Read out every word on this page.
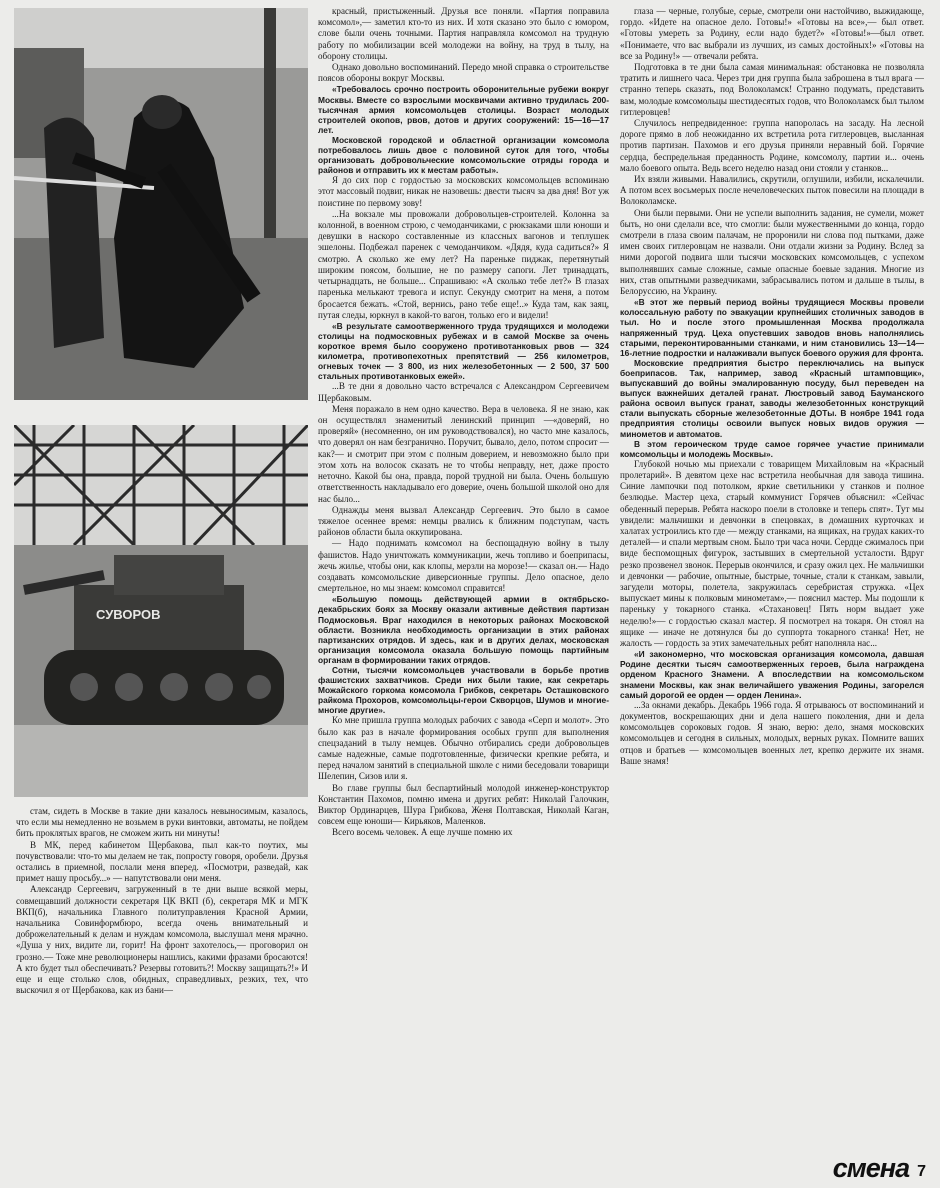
СУВОРОВ

стам, сидеть в Москве в такие дни казалось невыносимым, казалось, что если мы немедленно не возьмем в руки винтовки, автоматы, не пойдем бить проклятых врагов, не сможем жить ни минуты!

В МК, перед кабинетом Щербакова, пыл как-то поутих, мы почувствовали: что-то мы делаем не так, попросту говоря, оробели. Друзья остались в приемной, послали меня вперед. «Посмотри, разведай, как примет нашу просьбу...» — напутствовали они меня.

Александр Сергеевич, загруженный в те дни выше всякой меры, совмещавший должности секретаря ЦК ВКП (б), секретаря МК и МГК ВКП(б), начальника Главного политуправления Красной Армии, начальника Совинформбюро, всегда очень внимательный и доброжелательный к делам и нуждам комсомола, выслушал меня мрачно. «Душа у них, видите ли, горит! На фронт захотелось,— проговорил он грозно.— Тоже мне революционеры нашлись, какими фразами бросаются! А кто будет тыл обеспечивать? Резервы готовить?! Москву защищать?!» И еще и еще столько слов, обидных, справедливых, резких, тех, что выскочил я от Щербакова, как из бани—

красный, пристыженный. Друзья все поняли. «Партия поправила комсомол»,— заметил кто-то из них. И хотя сказано это было с юмором, слове были очень точными. Партия направляла комсомол на трудную работу по мобилизации всей молодежи на войну, на труд в тылу, на оборону столицы.

Однако довольно воспоминаний. Передо мной справка о строительстве поясов обороны вокруг Москвы.

«Требовалось срочно построить оборонительные рубежи вокруг Москвы. Вместе со взрослыми москвичами активно трудилась 200-тысячная армия комсомольцев столицы. Возраст молодых строителей окопов, рвов, дотов и других сооружений: 15—16—17 лет.

Московской городской и областной организации комсомола потребовалось лишь двое с половиной суток для того, чтобы организовать добровольческие комсомольские отряды города и районов и отправить их к местам работы».

Я до сих пор с гордостью за московских комсомольцев вспоминаю этот массовый подвиг, никак не назовешь: двести тысяч за два дня! Вот уж поистине по первому зову!

...На вокзале мы провожали добровольцев-строителей. Колонна за колонной, в военном строю, с чемоданчиками, с рюкзаками шли юноши и девушки в наскоро составленные из классных вагонов и теплушек эшелоны. Подбежал паренек с чемоданчиком. «Дядя, куда садиться?» Я смотрю. А сколько же ему лет? На пареньке пиджак, перетянутый широким поясом, большие, не по размеру сапоги. Лет тринадцать, четырнадцать, не больше... Спрашиваю: «А сколько тебе лет?» В глазах паренька мелькают тревога и испуг. Секунду смотрит на меня, а потом бросается бежать. «Стой, вернись, рано тебе еще!..» Куда там, как заяц, путая следы, юркнул в какой-то вагон, только его и видели!

«В результате самоотверженного труда трудящихся и молодежи столицы на подмосковных рубежах и в самой Москве за очень короткое время было сооружено противотанковых рвов — 324 километра, противопехотных препятствий — 256 километров, огневых точек — 3 800, из них железобетонных — 2 500, 37 500 стальных противотанковых ежей».

...В те дни я довольно часто встречался с Александром Сергеевичем Щербаковым.

Меня поражало в нем одно качество. Вера в человека. Я не знаю, как он осуществлял знаменитый ленинский принцип —«доверяй, но проверяй» (несомненно, он им руководствовался), но часто мне казалось, что доверял он нам безгранично. Поручит, бывало, дело, потом спросит — как?— и смотрит при этом с полным доверием, и невозможно было при этом хоть на волосок сказать не то чтобы неправду, нет, даже просто неточно. Какой бы она, правда, порой трудной ни была. Очень большую ответственность накладывало его доверие, очень большой школой оно для нас было...

Однажды меня вызвал Александр Сергеевич. Это было в самое тяжелое осеннее время: немцы рвались к ближним подступам, часть районов области была оккупирована.

— Надо поднимать комсомол на беспощадную войну в тылу фашистов. Надо уничтожать коммуникации, жечь топливо и боеприпасы, жечь жилье, чтобы они, как клопы, мерзли на морозе!— сказал он.— Надо создавать комсомольские диверсионные группы. Дело опасное, дело смертельное, но мы знаем: комсомол справится!

«Большую помощь действующей армии в октябрьско-декабрьских боях за Москву оказали активные действия партизан Подмосковья. Враг находился в некоторых районах Московской области. Возникла необходимость организации в этих районах партизанских отрядов. И здесь, как и в других делах, московская организация комсомола оказала большую помощь партийным органам в формировании таких отрядов.

Сотни, тысячи комсомольцев участвовали в борьбе против фашистских захватчиков. Среди них были такие, как секретарь Можайского горкома комсомола Грибков, секретарь Осташковского райкома Прохоров, комсомольцы-герои Скворцов, Шумов и многие-многие другие».

Ко мне пришла группа молодых рабочих с завода «Серп и молот». Это было как раз в начале формирования особых групп для выполнения спецзаданий в тылу немцев. Обычно отбирались среди добровольцев самые надежные, самые подготовленные, физически крепкие ребята, и перед началом занятий в специальной школе с ними беседовали товарищи Шелепин, Сизов или я.

Во главе группы был беспартийный молодой инженер-конструктор Константин Пахомов, помню имена и других ребят: Николай Галочкин, Виктор Ординарцев, Шура Грибкова, Женя Полтавская, Николай Каган, совсем еще юноши— Кирьяков, Маленков.

Всего восемь человек. А еще лучше помню их

глаза — черные, голубые, серые, смотрели они настойчиво, выжидающе, гордо. «Идете на опасное дело. Готовы!» «Готовы на все»,— был ответ. «Готовы умереть за Родину, если надо будет?» «Готовы!»—был ответ. «Понимаете, что вас выбрали из лучших, из самых достойных!» «Готовы на все за Родину!» — отвечали ребята.

Подготовка в те дни была самая минимальная: обстановка не позволяла тратить и лишнего часа. Через три дня группа была заброшена в тыл врага — странно теперь сказать, под Волоколамск! Странно подумать, представить вам, молодые комсомольцы шестидесятых годов, что Волоколамск был тылом гитлеровцев!

Случилось непредвиденное: группа напоролась на засаду. На лесной дороге прямо в лоб неожиданно их встретила рота гитлеровцев, высланная против партизан. Пахомов и его друзья приняли неравный бой. Горячие сердца, беспредельная преданность Родине, комсомолу, партии и... очень мало боевого опыта. Ведь всего неделю назад они стояли у станков...

Их взяли живыми. Навалились, скрутили, оглушили, избили, искалечили. А потом всех восьмерых после нечеловеческих пыток повесили на площади в Волоколамске.

Они были первыми. Они не успели выполнить задания, не сумели, может быть, но они сделали все, что смогли: были мужественными до конца, гордо смотрели в глаза своим палачам, не проронили ни слова под пытками, даже имен своих гитлеровцам не назвали. Они отдали жизни за Родину. Вслед за ними дорогой подвига шли тысячи московских комсомольцев, с успехом выполнявших самые сложные, самые опасные боевые задания. Многие из них, став опытными разведчиками, забрасывались потом и дальше в тылы, в Белоруссию, на Украину.

«В этот же первый период войны трудящиеся Москвы провели колоссальную работу по эвакуации крупнейших столичных заводов в тыл. Но и после этого промышленная Москва продолжала напряженный труд. Цеха опустевших заводов вновь наполнялись старыми, переконтированными станками, и ним становились 13—14—16-летние подростки и налаживали выпуск боевого оружия для фронта.

Московские предприятия быстро переключались на выпуск боеприпасов. Так, например, завод «Красный штамповщик», выпускавший до войны эмалированную посуду, был переведен на выпуск важнейших деталей гранат. Люстровый завод Бауманского района освоил выпуск гранат, заводы железобетонных конструкций стали выпускать сборные железобетонные ДОТы. В ноябре 1941 года предприятия столицы освоили выпуск новых видов оружия — минометов и автоматов.

В этом героическом труде самое горячее участие принимали комсомольцы и молодежь Москвы».

Глубокой ночью мы приехали с товарищем Михайловым на «Красный пролетарий». В девятом цехе нас встретила необычная для завода тишина. Синие лампочки под потолком, яркие светильники у станков и полное безлюдье. Мастер цеха, старый коммунист Горячев объяснил: «Сейчас обеденный перерыв. Ребята наскоро поели в столовке и теперь спят». Тут мы увидели: мальчишки и девчонки в спецовках, в домашних курточках и халатах устроились кто где — между станками, на ящиках, на грудах каких-то деталей— и спали мертвым сном. Было три часа ночи. Сердце сжималось при виде беспомощных фигурок, застывших в смертельной усталости. Вдруг резко прозвенел звонок. Перерыв окончился, и сразу ожил цех. Не мальчишки и девчонки — рабочие, опытные, быстрые, точные, стали к станкам, завыли, загудели моторы, полетела, закружилась серебристая стружка. «Цех выпускает мины к полковым минометам»,— пояснил мастер. Мы подошли к пареньку у токарного станка. «Стахановец! Пять норм выдает уже неделю!»— с гордостью сказал мастер. Я посмотрел на токаря. Он стоял на ящике — иначе не дотянулся бы до суппорта токарного станка! Нет, не жалость — гордость за этих замечательных ребят наполняла нас...

«И закономерно, что московская организация комсомола, давшая Родине десятки тысяч самоотверженных героев, была награждена орденом Красного Знамени. А впоследствии на комсомольском знамени Москвы, как знак величайшего уважения Родины, загорелся самый дорогой ее орден — орден Ленина».

...За окнами декабрь. Декабрь 1966 года. Я отрываюсь от воспоминаний и документов, воскрешающих дни и дела нашего поколения, дни и дела комсомольцев сороковых годов. Я знаю, верю: дело, знамя московских комсомольцев и сегодня в сильных, молодых, верных руках. Помните ваших отцов и братьев — комсомольцев военных лет, крепко держите их знамя. Ваше знамя!

смена 7
